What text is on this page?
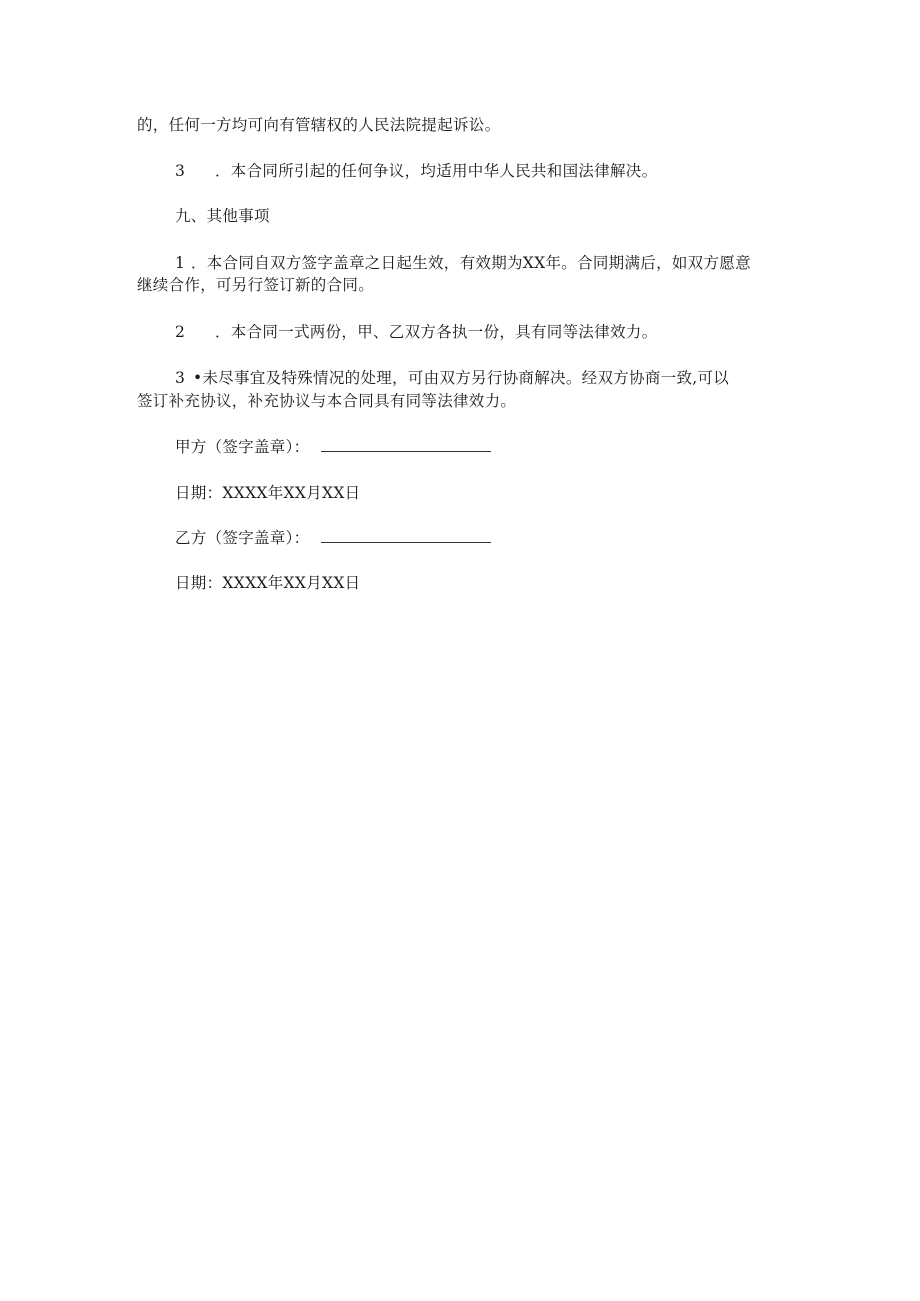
的，任何一方均可向有管辖权的人民法院提起诉讼。
3 ．本合同所引起的任何争议，均适用中华人民共和国法律解决。
九、其他事项
1 ．本合同自双方签字盖章之日起生效，有效期为XX年。合同期满后，如双方愿意
继续合作，可另行签订新的合同。
2 ．本合同一式两份，甲、乙双方各执一份，具有同等法律效力。
3 •未尽事宜及特殊情况的处理，可由双方另行协商解决。经双方协商一致,可以
签订补充协议，补充协议与本合同具有同等法律效力。
甲方（签字盖章）：
日期：XXXX年XX月XX日
乙方（签字盖章）：
日期：XXXX年XX月XX日
